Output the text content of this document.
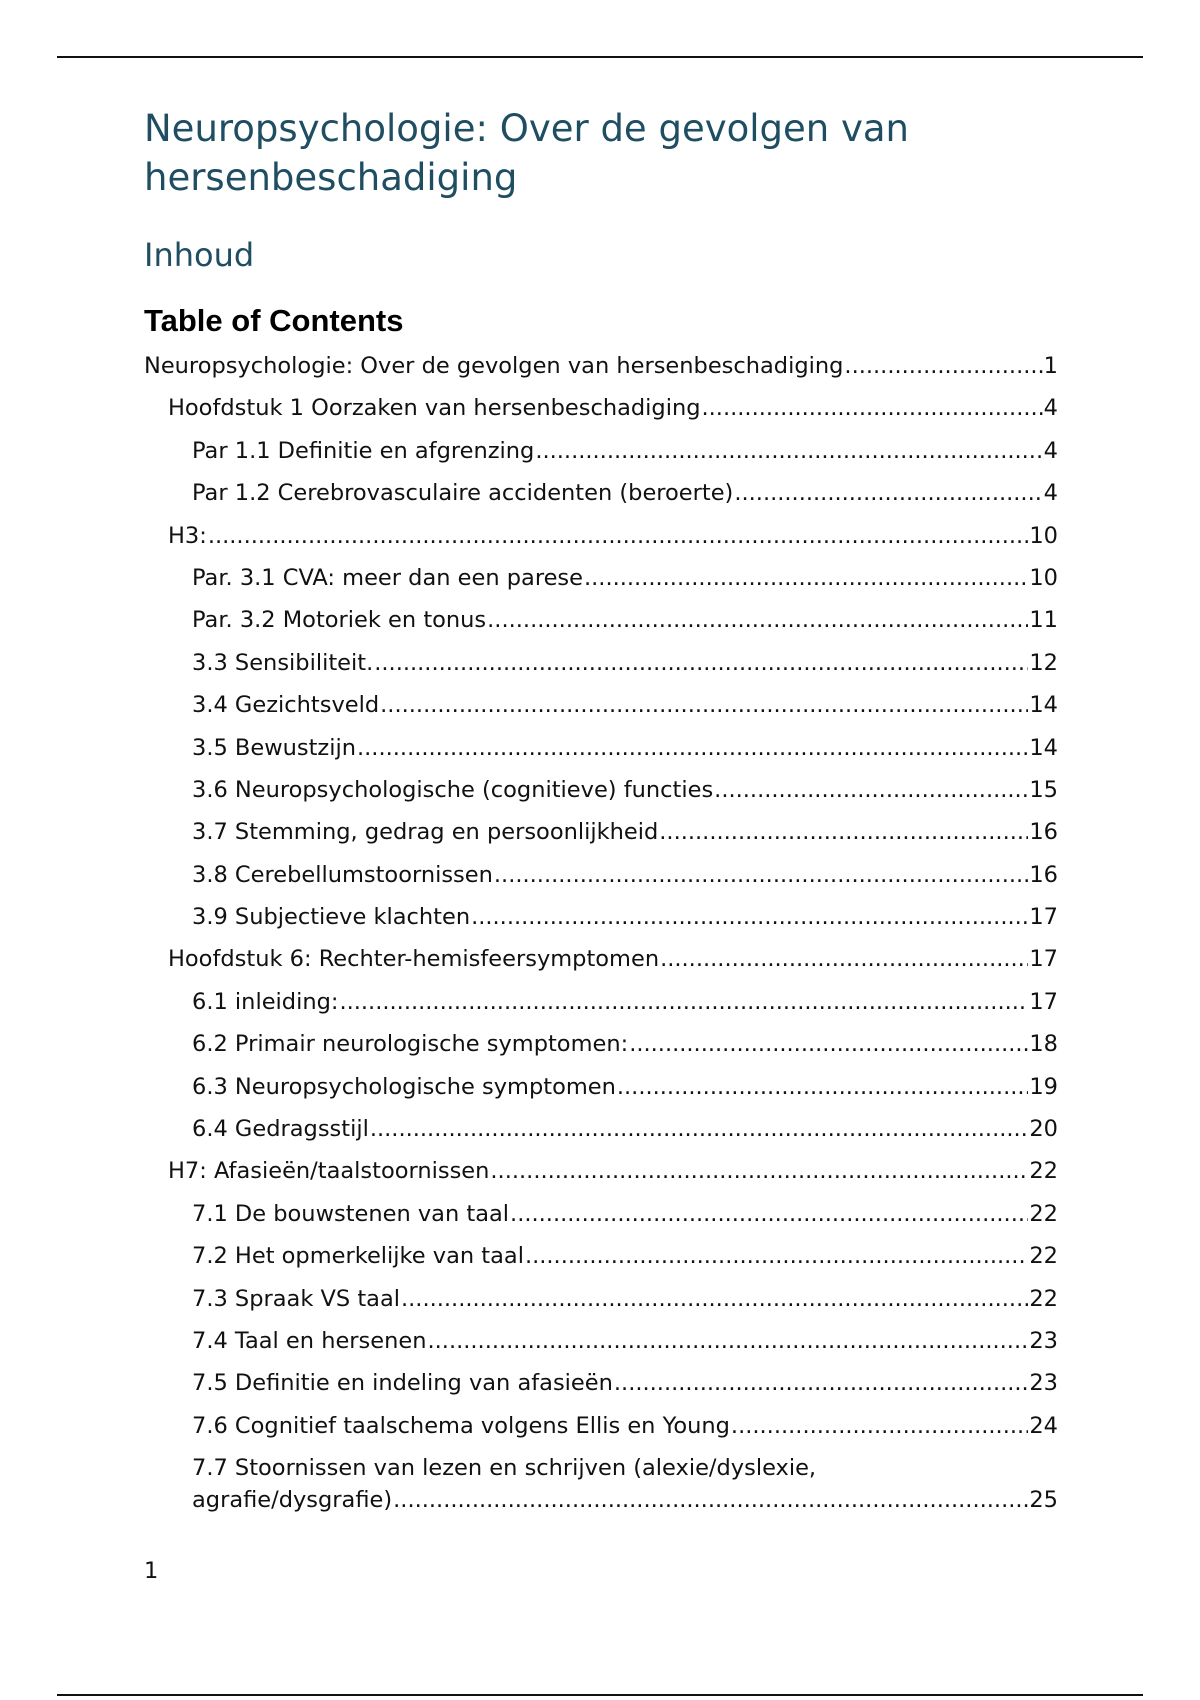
Neuropsychologie: Over de gevolgen van hersenbeschadiging
Inhoud
Table of Contents
Neuropsychologie: Over de gevolgen van hersenbeschadiging .....	1
Hoofdstuk 1 Oorzaken van hersenbeschadiging .....	4
Par 1.1 Definitie en afgrenzing .....	4
Par 1.2 Cerebrovasculaire accidenten (beroerte) .....	4
H3: .....	10
Par. 3.1 CVA: meer dan een parese .....	10
Par. 3.2 Motoriek en tonus .....	11
3.3 Sensibiliteit. .....	12
3.4 Gezichtsveld .....	14
3.5 Bewustzijn .....	14
3.6 Neuropsychologische (cognitieve) functies .....	15
3.7 Stemming, gedrag en persoonlijkheid .....	16
3.8 Cerebellumstoornissen .....	16
3.9 Subjectieve klachten .....	17
Hoofdstuk 6: Rechter-hemisfeersymptomen .....	17
6.1 inleiding: .....	17
6.2 Primair neurologische symptomen: .....	18
6.3 Neuropsychologische symptomen .....	19
6.4 Gedragsstijl .....	20
H7: Afasieën/taalstoornissen .....	22
7.1 De bouwstenen van taal .....	22
7.2 Het opmerkelijke van taal .....	22
7.3 Spraak VS taal .....	22
7.4 Taal en hersenen .....	23
7.5 Definitie en indeling van afasieën .....	23
7.6 Cognitief taalschema volgens Ellis en Young .....	24
7.7 Stoornissen van lezen en schrijven (alexie/dyslexie,
agrafie/dysgrafie) .....	25
1
